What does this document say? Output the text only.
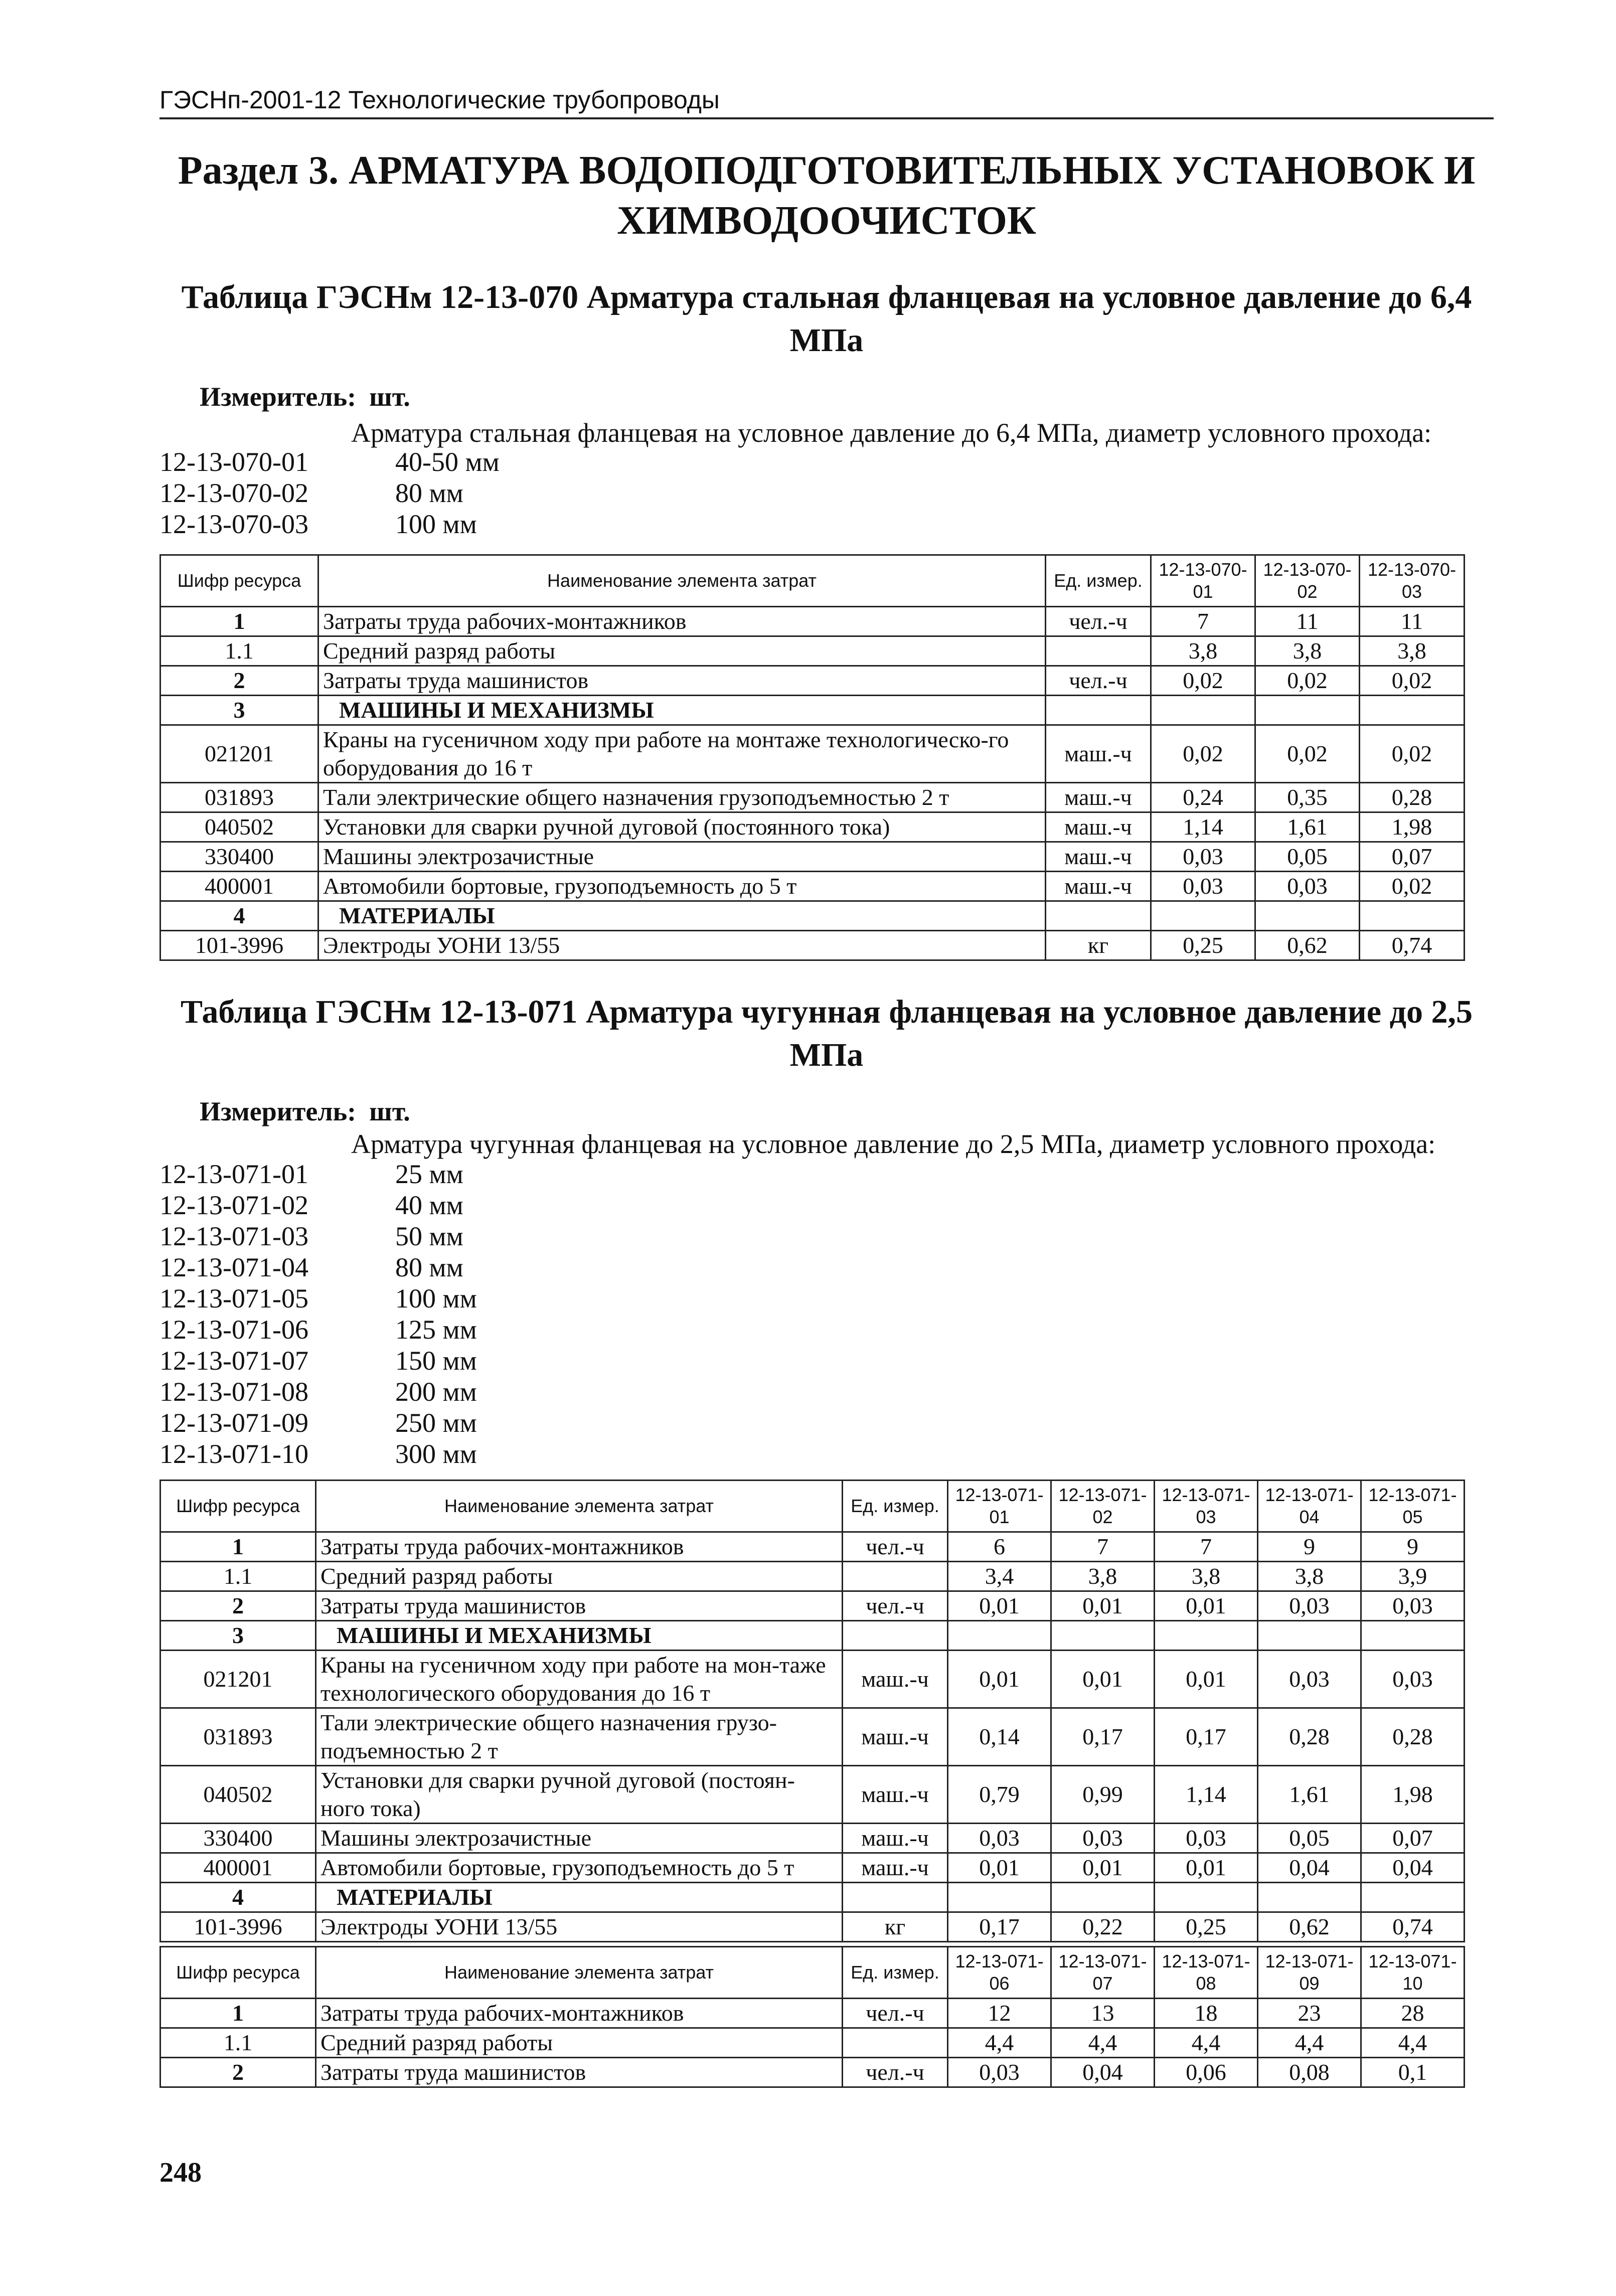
ГЭСНп-2001-12 Технологические трубопроводы
Раздел 3. АРМАТУРА ВОДОПОДГОТОВИТЕЛЬНЫХ УСТАНОВОК И ХИМВОДООЧИСТОК
Таблица ГЭСНм 12-13-070 Арматура стальная фланцевая на условное давление до 6,4 МПа
Измеритель: шт.
Арматура стальная фланцевая на условное давление до 6,4 МПа, диаметр условного прохода:
12-13-070-01	40-50 мм
12-13-070-02	80 мм
12-13-070-03	100 мм
Шифр ресурса	Наименование элемента затрат	Ед. измер.	12-13-070-01	12-13-070-02	12-13-070-03
1	Затраты труда рабочих-монтажников	чел.-ч	7	11	11
1.1	Средний разряд работы		3,8	3,8	3,8
2	Затраты труда машинистов	чел.-ч	0,02	0,02	0,02
3	МАШИНЫ И МЕХАНИЗМЫ				
021201	Краны на гусеничном ходу при работе на монтаже технологическо-го оборудования до 16 т	маш.-ч	0,02	0,02	0,02
031893	Тали электрические общего назначения грузоподъемностью 2 т	маш.-ч	0,24	0,35	0,28
040502	Установки для сварки ручной дуговой (постоянного тока)	маш.-ч	1,14	1,61	1,98
330400	Машины электрозачистные	маш.-ч	0,03	0,05	0,07
400001	Автомобили бортовые, грузоподъемность до 5 т	маш.-ч	0,03	0,03	0,02
4	МАТЕРИАЛЫ				
101-3996	Электроды УОНИ 13/55	кг	0,25	0,62	0,74
Таблица ГЭСНм 12-13-071 Арматура чугунная фланцевая на условное давление до 2,5 МПа
Измеритель: шт.
Арматура чугунная фланцевая на условное давление до 2,5 МПа, диаметр условного прохода:
12-13-071-01	25 мм
12-13-071-02	40 мм
12-13-071-03	50 мм
12-13-071-04	80 мм
12-13-071-05	100 мм
12-13-071-06	125 мм
12-13-071-07	150 мм
12-13-071-08	200 мм
12-13-071-09	250 мм
12-13-071-10	300 мм
Шифр ресурса	Наименование элемента затрат	Ед. измер.	12-13-071-01	12-13-071-02	12-13-071-03	12-13-071-04	12-13-071-05
1	Затраты труда рабочих-монтажников	чел.-ч	6	7	7	9	9
1.1	Средний разряд работы		3,4	3,8	3,8	3,8	3,9
2	Затраты труда машинистов	чел.-ч	0,01	0,01	0,01	0,03	0,03
3	МАШИНЫ И МЕХАНИЗМЫ						
021201	Краны на гусеничном ходу при работе на мон-таже технологического оборудования до 16 т	маш.-ч	0,01	0,01	0,01	0,03	0,03
031893	Тали электрические общего назначения грузо-подъемностью 2 т	маш.-ч	0,14	0,17	0,17	0,28	0,28
040502	Установки для сварки ручной дуговой (постоян-ного тока)	маш.-ч	0,79	0,99	1,14	1,61	1,98
330400	Машины электрозачистные	маш.-ч	0,03	0,03	0,03	0,05	0,07
400001	Автомобили бортовые, грузоподъемность до 5 т	маш.-ч	0,01	0,01	0,01	0,04	0,04
4	МАТЕРИАЛЫ						
101-3996	Электроды УОНИ 13/55	кг	0,17	0,22	0,25	0,62	0,74
Шифр ресурса	Наименование элемента затрат	Ед. измер.	12-13-071-06	12-13-071-07	12-13-071-08	12-13-071-09	12-13-071-10
1	Затраты труда рабочих-монтажников	чел.-ч	12	13	18	23	28
1.1	Средний разряд работы		4,4	4,4	4,4	4,4	4,4
2	Затраты труда машинистов	чел.-ч	0,03	0,04	0,06	0,08	0,1
248
